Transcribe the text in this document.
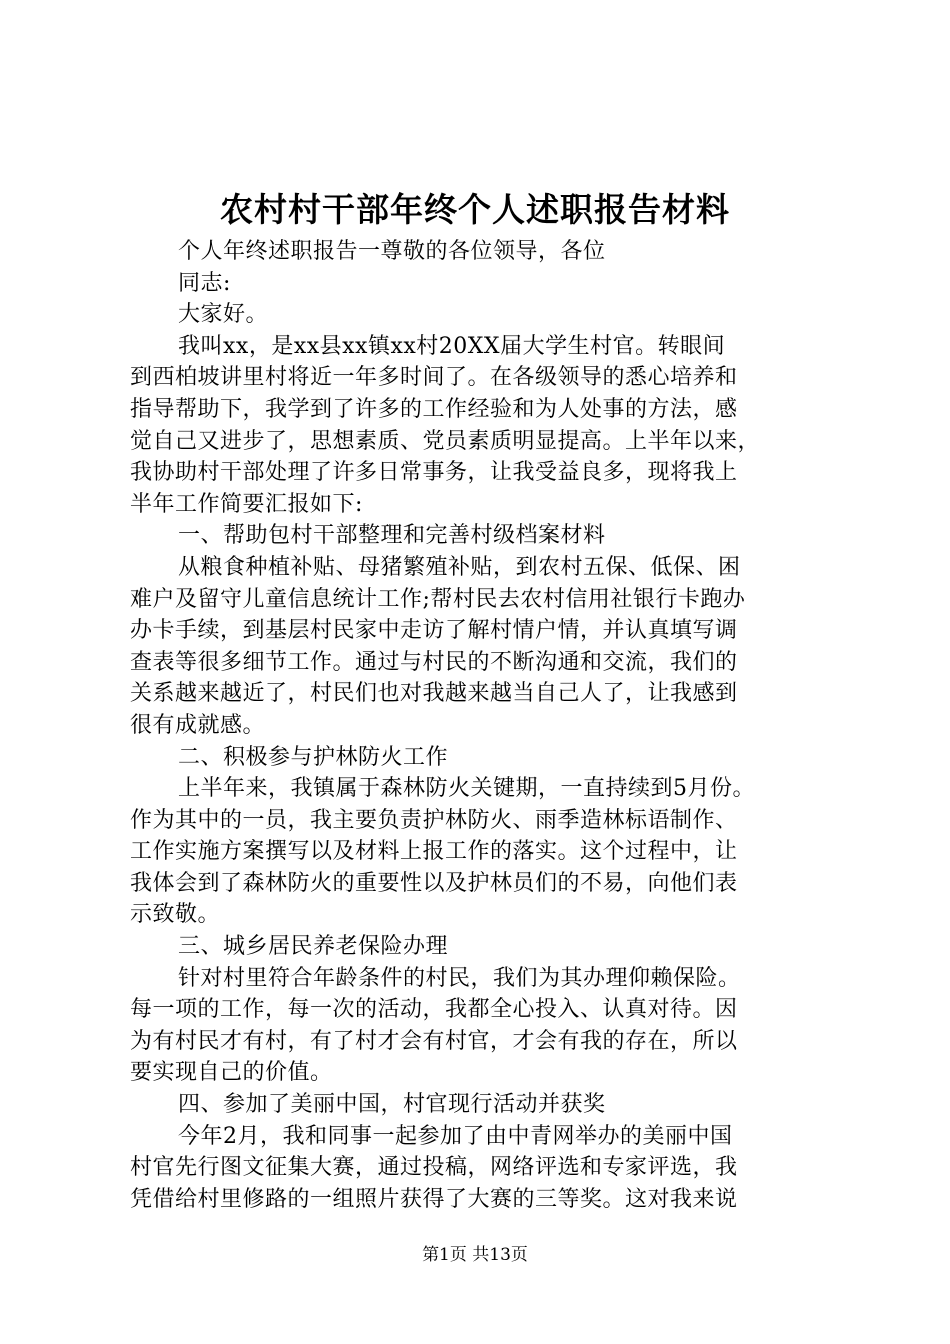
农村村干部年终个人述职报告材料
个人年终述职报告一尊敬的各位领导，各位
同志:
大家好。
我叫xx，是xx县xx镇xx村20XX届大学生村官。转眼间
到西柏坡讲里村将近一年多时间了。在各级领导的悉心培养和
指导帮助下，我学到了许多的工作经验和为人处事的方法，感
觉自己又进步了，思想素质、党员素质明显提高。上半年以来，
我协助村干部处理了许多日常事务，让我受益良多，现将我上
半年工作简要汇报如下:
一、帮助包村干部整理和完善村级档案材料
从粮食种植补贴、母猪繁殖补贴，到农村五保、低保、困
难户及留守儿童信息统计工作;帮村民去农村信用社银行卡跑办
办卡手续，到基层村民家中走访了解村情户情，并认真填写调
查表等很多细节工作。通过与村民的不断沟通和交流，我们的
关系越来越近了，村民们也对我越来越当自己人了，让我感到
很有成就感。
二、积极参与护林防火工作
上半年来，我镇属于森林防火关键期，一直持续到5月份。
作为其中的一员，我主要负责护林防火、雨季造林标语制作、
工作实施方案撰写以及材料上报工作的落实。这个过程中，让
我体会到了森林防火的重要性以及护林员们的不易，向他们表
示致敬。
三、城乡居民养老保险办理
针对村里符合年龄条件的村民，我们为其办理仰赖保险。
每一项的工作，每一次的活动，我都全心投入、认真对待。因
为有村民才有村，有了村才会有村官，才会有我的存在，所以
要实现自己的价值。
四、参加了美丽中国，村官现行活动并获奖
今年2月，我和同事一起参加了由中青网举办的美丽中国
村官先行图文征集大赛，通过投稿，网络评选和专家评选，我
凭借给村里修路的一组照片获得了大赛的三等奖。这对我来说
第1页 共13页
